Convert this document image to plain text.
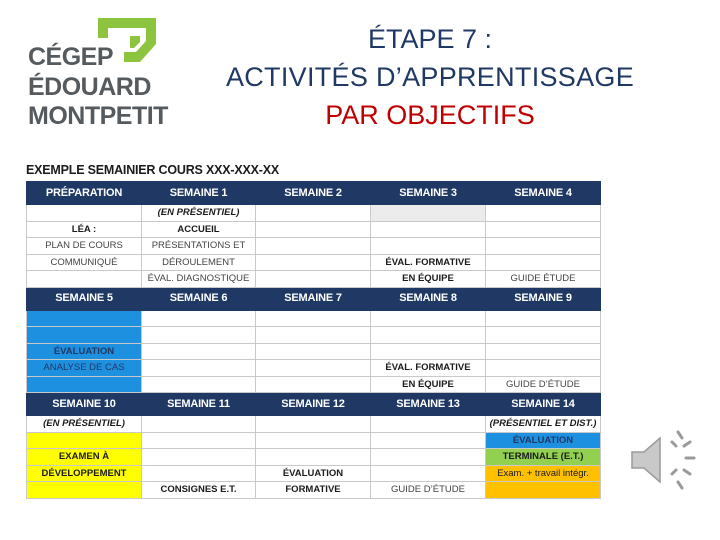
CÉGEP
ÉDOUARD
MONTPETIT
ÉTAPE 7 :
ACTIVITÉS D’APPRENTISSAGE
PAR OBJECTIFS
EXEMPLE SEMAINIER COURS XXX-XXX-XX
PRÉPARATION	SEMAINE 1	SEMAINE 2	SEMAINE 3	SEMAINE 4
	(EN PRÉSENTIEL)			
LÉA :	ACCUEIL			
PLAN DE COURS	PRÉSENTATIONS ET			
COMMUNIQUÉ	DÉROULEMENT		ÉVAL. FORMATIVE	
	ÉVAL. DIAGNOSTIQUE		EN ÉQUIPE	GUIDE ÉTUDE
SEMAINE 5	SEMAINE 6	SEMAINE 7	SEMAINE 8	SEMAINE 9

ÉVALUATION				
ANALYSE DE CAS			ÉVAL. FORMATIVE	
			EN ÉQUIPE	GUIDE D’ÉTUDE
SEMAINE 10	SEMAINE 11	SEMAINE 12	SEMAINE 13	SEMAINE 14
(EN PRÉSENTIEL)				(PRÉSENTIEL ET DIST.)
				ÉVALUATION
EXAMEN À				TERMINALE (E.T.)
DÉVELOPPEMENT		ÉVALUATION		Exam. + travail intégr.
	CONSIGNES E.T.	FORMATIVE	GUIDE D’ÉTUDE	
